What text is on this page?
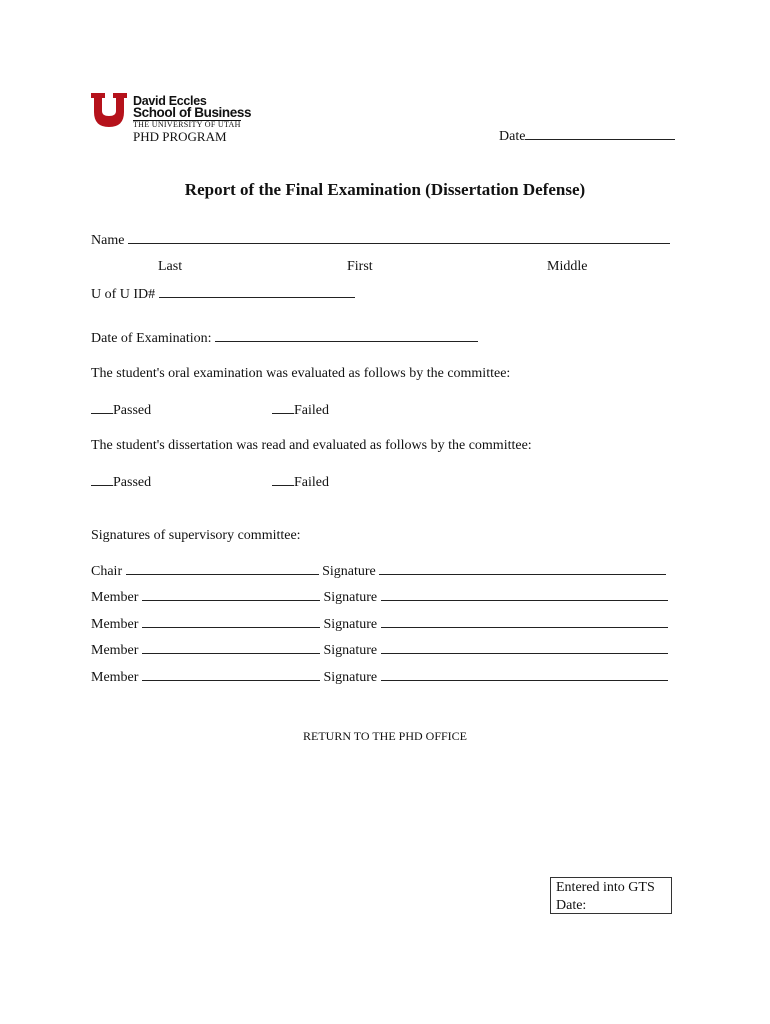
David Eccles
School of Business
THE UNIVERSITY OF UTAH
PHD PROGRAM	Date
Report of the Final Examination (Dissertation Defense)
Name
Last	First	Middle
U of U ID#
Date of Examination:
The student's oral examination was evaluated as follows by the committee:
Passed	Failed
The student's dissertation was read and evaluated as follows by the committee:
Passed	Failed
Signatures of supervisory committee:
Chair	Signature
Member	Signature
Member	Signature
Member	Signature
Member	Signature
RETURN TO THE PHD OFFICE
Entered into GTS
Date:
